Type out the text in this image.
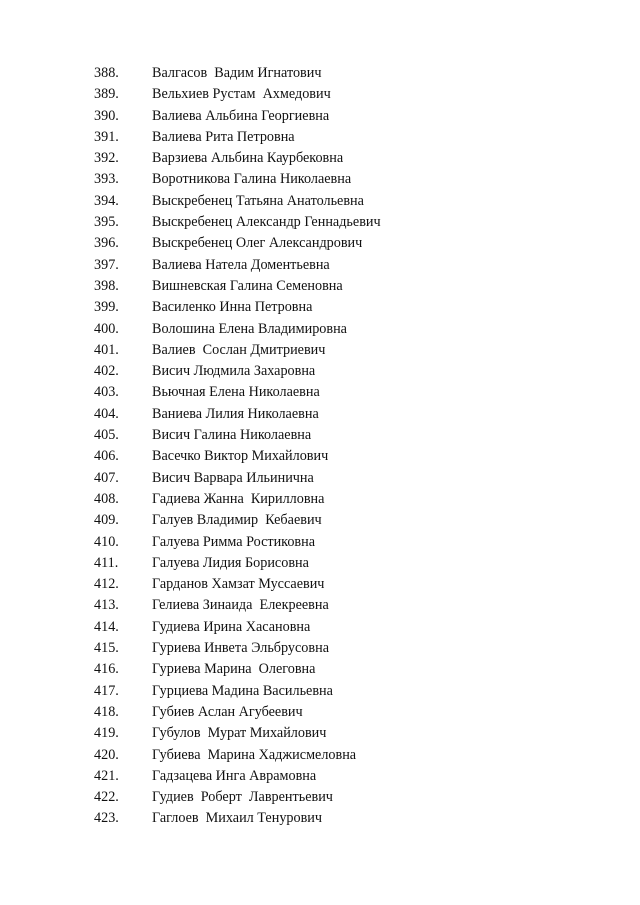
388. Валгасов  Вадим Игнатович
389. Вельхиев Рустам  Ахмедович
390. Валиева Альбина Георгиевна
391. Валиева Рита Петровна
392. Варзиева Альбина Каурбековна
393. Воротникова Галина Николаевна
394. Выскребенец Татьяна Анатольевна
395. Выскребенец Александр Геннадьевич
396. Выскребенец Олег Александрович
397. Валиева Натела Доментьевна
398. Вишневская Галина Семеновна
399. Василенко Инна Петровна
400. Волошина Елена Владимировна
401. Валиев  Сослан Дмитриевич
402. Висич Людмила Захаровна
403. Вьючная Елена Николаевна
404. Ваниева Лилия Николаевна
405. Висич Галина Николаевна
406. Васечко Виктор Михайлович
407. Висич Варвара Ильинична
408. Гадиева Жанна  Кирилловна
409. Галуев Владимир  Кебаевич
410. Галуева Римма Ростиковна
411. Галуева Лидия Борисовна
412. Гарданов Хамзат Муссаевич
413. Гелиева Зинаида  Елекреевна
414. Гудиева Ирина Хасановна
415. Гуриева Инвета Эльбрусовна
416. Гуриева Марина  Олеговна
417. Гурциева Мадина Васильевна
418. Губиев Аслан Агубеевич
419. Губулов  Мурат Михайлович
420. Губиева  Марина Хаджисмеловна
421. Гадзацева Инга Аврамовна
422. Гудиев  Роберт  Лаврентьевич
423. Гаглоев  Михаил Тенурович
